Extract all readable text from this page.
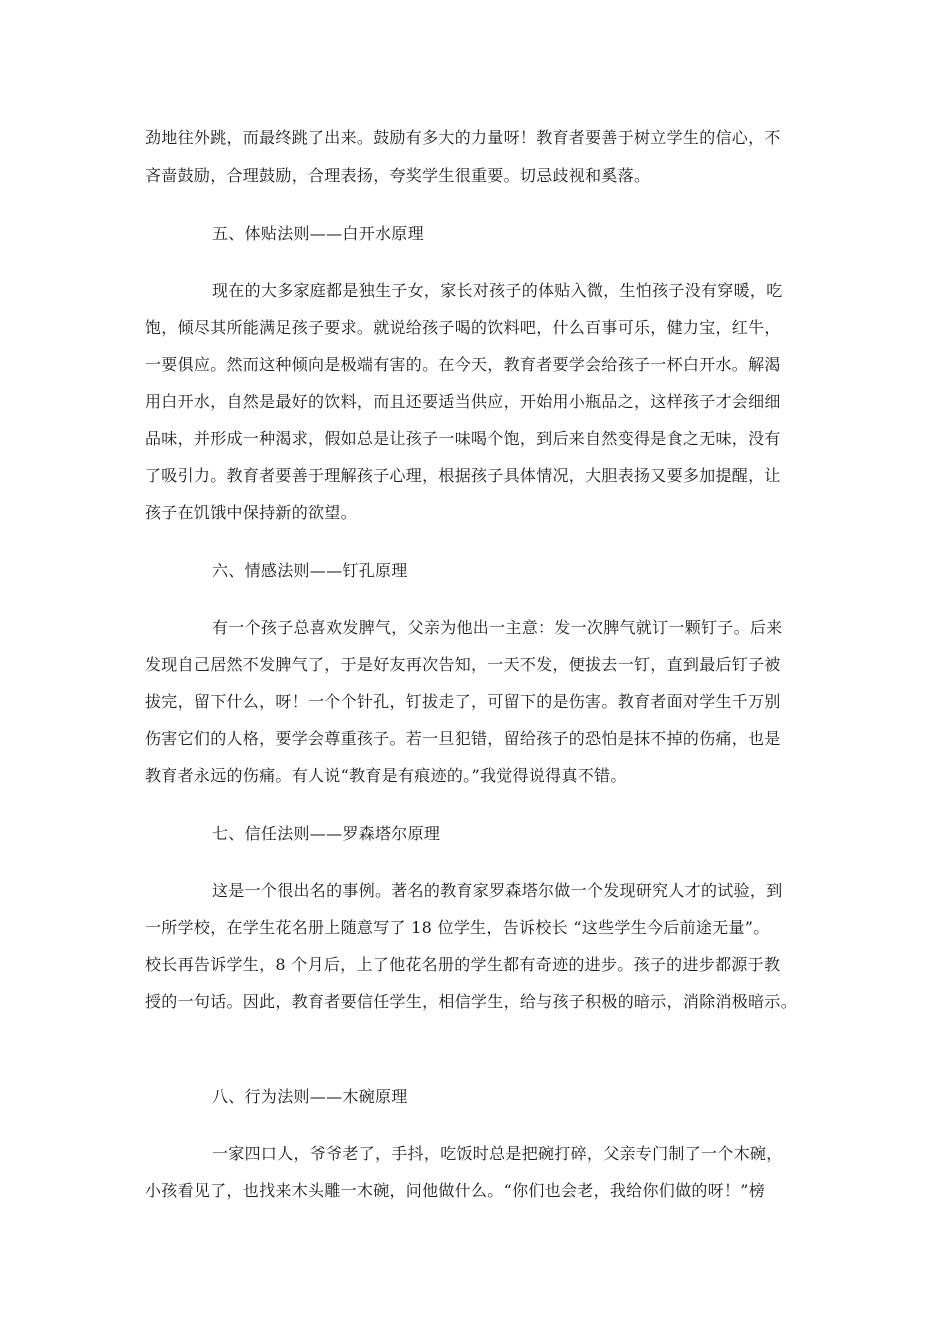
劲地往外跳，而最终跳了出来。鼓励有多大的力量呀！教育者要善于树立学生的信心，不
吝啬鼓励，合理鼓励，合理表扬，夸奖学生很重要。切忌歧视和奚落。
五、体贴法则——白开水原理
现在的大多家庭都是独生子女，家长对孩子的体贴入微，生怕孩子没有穿暖，吃
饱，倾尽其所能满足孩子要求。就说给孩子喝的饮料吧，什么百事可乐，健力宝，红牛，
一要俱应。然而这种倾向是极端有害的。在今天，教育者要学会给孩子一杯白开水。解渴
用白开水，自然是最好的饮料，而且还要适当供应，开始用小瓶品之，这样孩子才会细细
品味，并形成一种渴求，假如总是让孩子一味喝个饱，到后来自然变得是食之无味，没有
了吸引力。教育者要善于理解孩子心理，根据孩子具体情况，大胆表扬又要多加提醒，让
孩子在饥饿中保持新的欲望。
六、情感法则——钉孔原理
有一个孩子总喜欢发脾气，父亲为他出一主意：发一次脾气就订一颗钉子。后来
发现自己居然不发脾气了，于是好友再次告知，一天不发，便拔去一钉，直到最后钉子被
拔完，留下什么，呀！一个个针孔，钉拔走了，可留下的是伤害。教育者面对学生千万别
伤害它们的人格，要学会尊重孩子。若一旦犯错，留给孩子的恐怕是抹不掉的伤痛，也是
教育者永远的伤痛。有人说“教育是有痕迹的。”我觉得说得真不错。
七、信任法则——罗森塔尔原理
这是一个很出名的事例。著名的教育家罗森塔尔做一个发现研究人才的试验，到
一所学校，在学生花名册上随意写了 18 位学生，告诉校长 “这些学生今后前途无量”。
校长再告诉学生，8 个月后，上了他花名册的学生都有奇迹的进步。孩子的进步都源于教
授的一句话。因此，教育者要信任学生，相信学生，给与孩子积极的暗示，消除消极暗示。
八、行为法则——木碗原理
一家四口人，爷爷老了，手抖，吃饭时总是把碗打碎，父亲专门制了一个木碗，
小孩看见了，也找来木头雕一木碗，问他做什么。“你们也会老，我给你们做的呀！”榜
